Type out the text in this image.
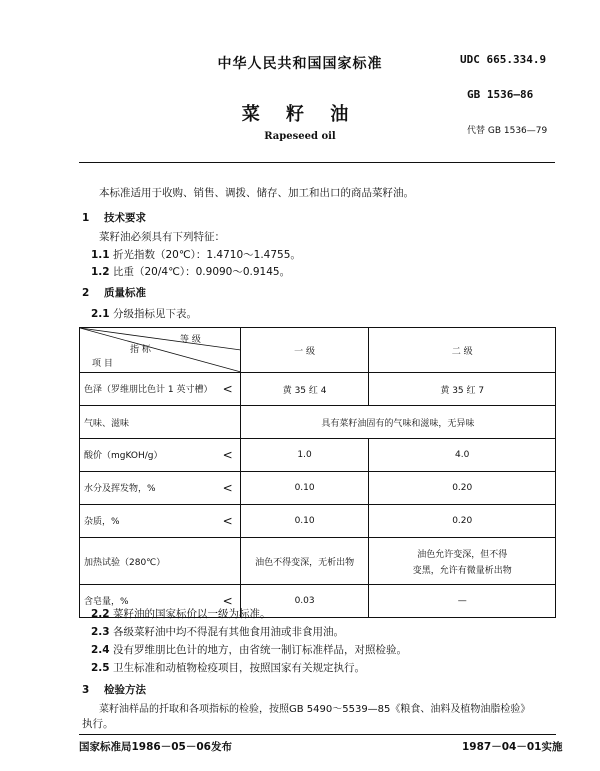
中华人民共和国国家标准	UDC 665.334.9
GB 1536—86
代替 GB 1536—79
菜 籽 油
Rapeseed oil
本标准适用于收购、销售、调拨、储存、加工和出口的商品菜籽油。
1 技术要求
菜籽油必须具有下列特征：
1.1 折光指数（20℃）：1.4710～1.4755。
1.2 比重（20/4℃）：0.9090～0.9145。
2 质量标准
2.1 分级指标见下表。
等 级
指 标
项 目	一 级	二 级
色泽（罗维朋比色计 1 英寸槽） <	黄 35 红 4	黄 35 红 7
气味、滋味	具有菜籽油固有的气味和滋味，无异味	
酸价（mgKOH/g） <	1.0	4.0
水分及挥发物，% <	0.10	0.20
杂质，% <	0.10	0.20
加热试验（280℃）	油色不得变深，无析出物	油色允许变深，但不得
变黑，允许有微量析出物

含皂量，% <	0.03	—
2.2 菜籽油的国家标价以一级为标准。
2.3 各级菜籽油中均不得混有其他食用油或非食用油。
2.4 没有罗维朋比色计的地方，由省统一制订标准样品，对照检验。
2.5 卫生标准和动植物检疫项目，按照国家有关规定执行。
3 检验方法
菜籽油样品的扦取和各项指标的检验，按照GB 5490～5539—85《粮食、油料及植物油脂检验》
执行。
国家标准局1986－05－06发布	1987－04－01实施
